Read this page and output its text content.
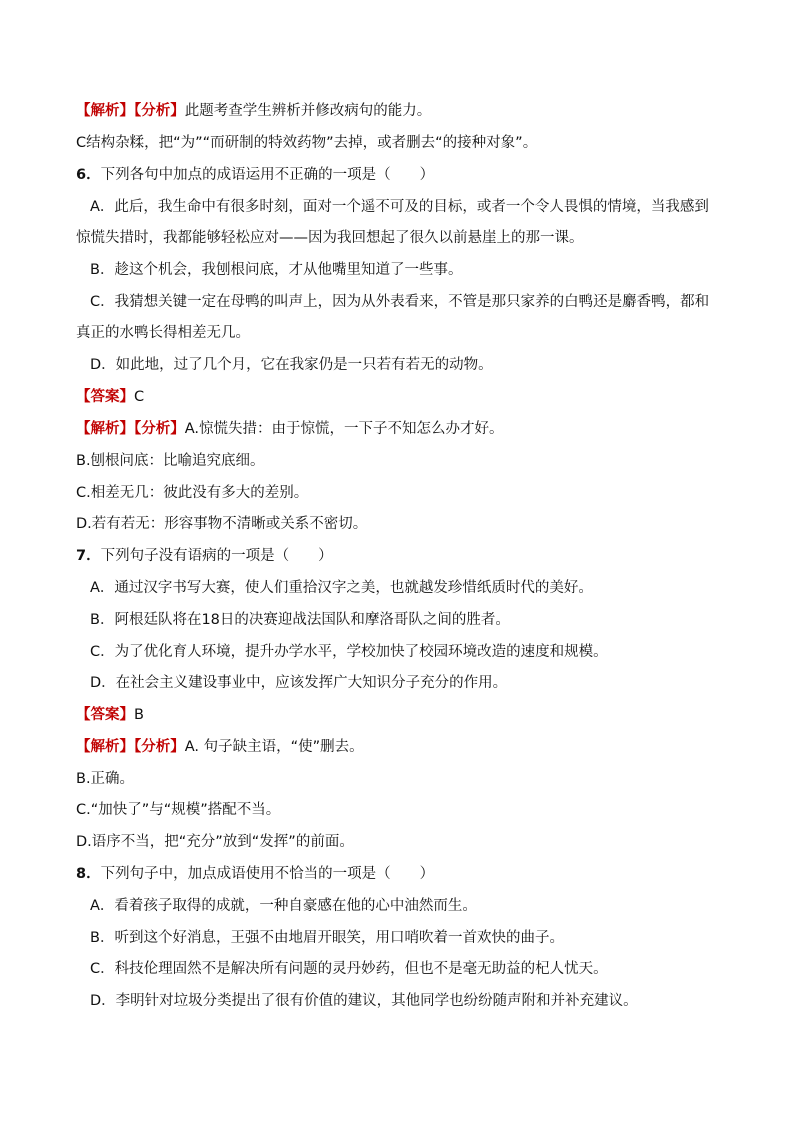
【解析】【分析】此题考查学生辨析并修改病句的能力。
C结构杂糅，把“为”“而研制的特效药物”去掉，或者删去“的接种对象”。
6．下列各句中加点的成语运用不正确的一项是（　　）
A．此后，我生命中有很多时刻，面对一个遥不可及的目标，或者一个令人畏惧的情境，当我感到
惊慌失措时，我都能够轻松应对——因为我回想起了很久以前悬崖上的那一课。
B．趁这个机会，我刨根问底，才从他嘴里知道了一些事。
C．我猜想关键一定在母鸭的叫声上，因为从外表看来，不管是那只家养的白鸭还是麝香鸭，都和
真正的水鸭长得相差无几。
D．如此地，过了几个月，它在我家仍是一只若有若无的动物。
【答案】C
【解析】【分析】A.惊慌失措：由于惊慌，一下子不知怎么办才好。
B.刨根问底：比喻追究底细。
C.相差无几：彼此没有多大的差别。
D.若有若无：形容事物不清晰或关系不密切。
7．下列句子没有语病的一项是（　　）
A．通过汉字书写大赛，使人们重拾汉字之美，也就越发珍惜纸质时代的美好。
B．阿根廷队将在18日的决赛迎战法国队和摩洛哥队之间的胜者。
C．为了优化育人环境，提升办学水平，学校加快了校园环境改造的速度和规模。
D．在社会主义建设事业中，应该发挥广大知识分子充分的作用。
【答案】B
【解析】【分析】A. 句子缺主语，“使”删去。
B.正确。
C.“加快了”与“规模”搭配不当。
D.语序不当，把“充分”放到“发挥”的前面。
8．下列句子中，加点成语使用不恰当的一项是（　　）
A．看着孩子取得的成就，一种自豪感在他的心中油然而生。
B．听到这个好消息，王强不由地眉开眼笑，用口哨吹着一首欢快的曲子。
C．科技伦理固然不是解决所有问题的灵丹妙药，但也不是毫无助益的杞人忧天。
D．李明针对垃圾分类提出了很有价值的建议，其他同学也纷纷随声附和并补充建议。
